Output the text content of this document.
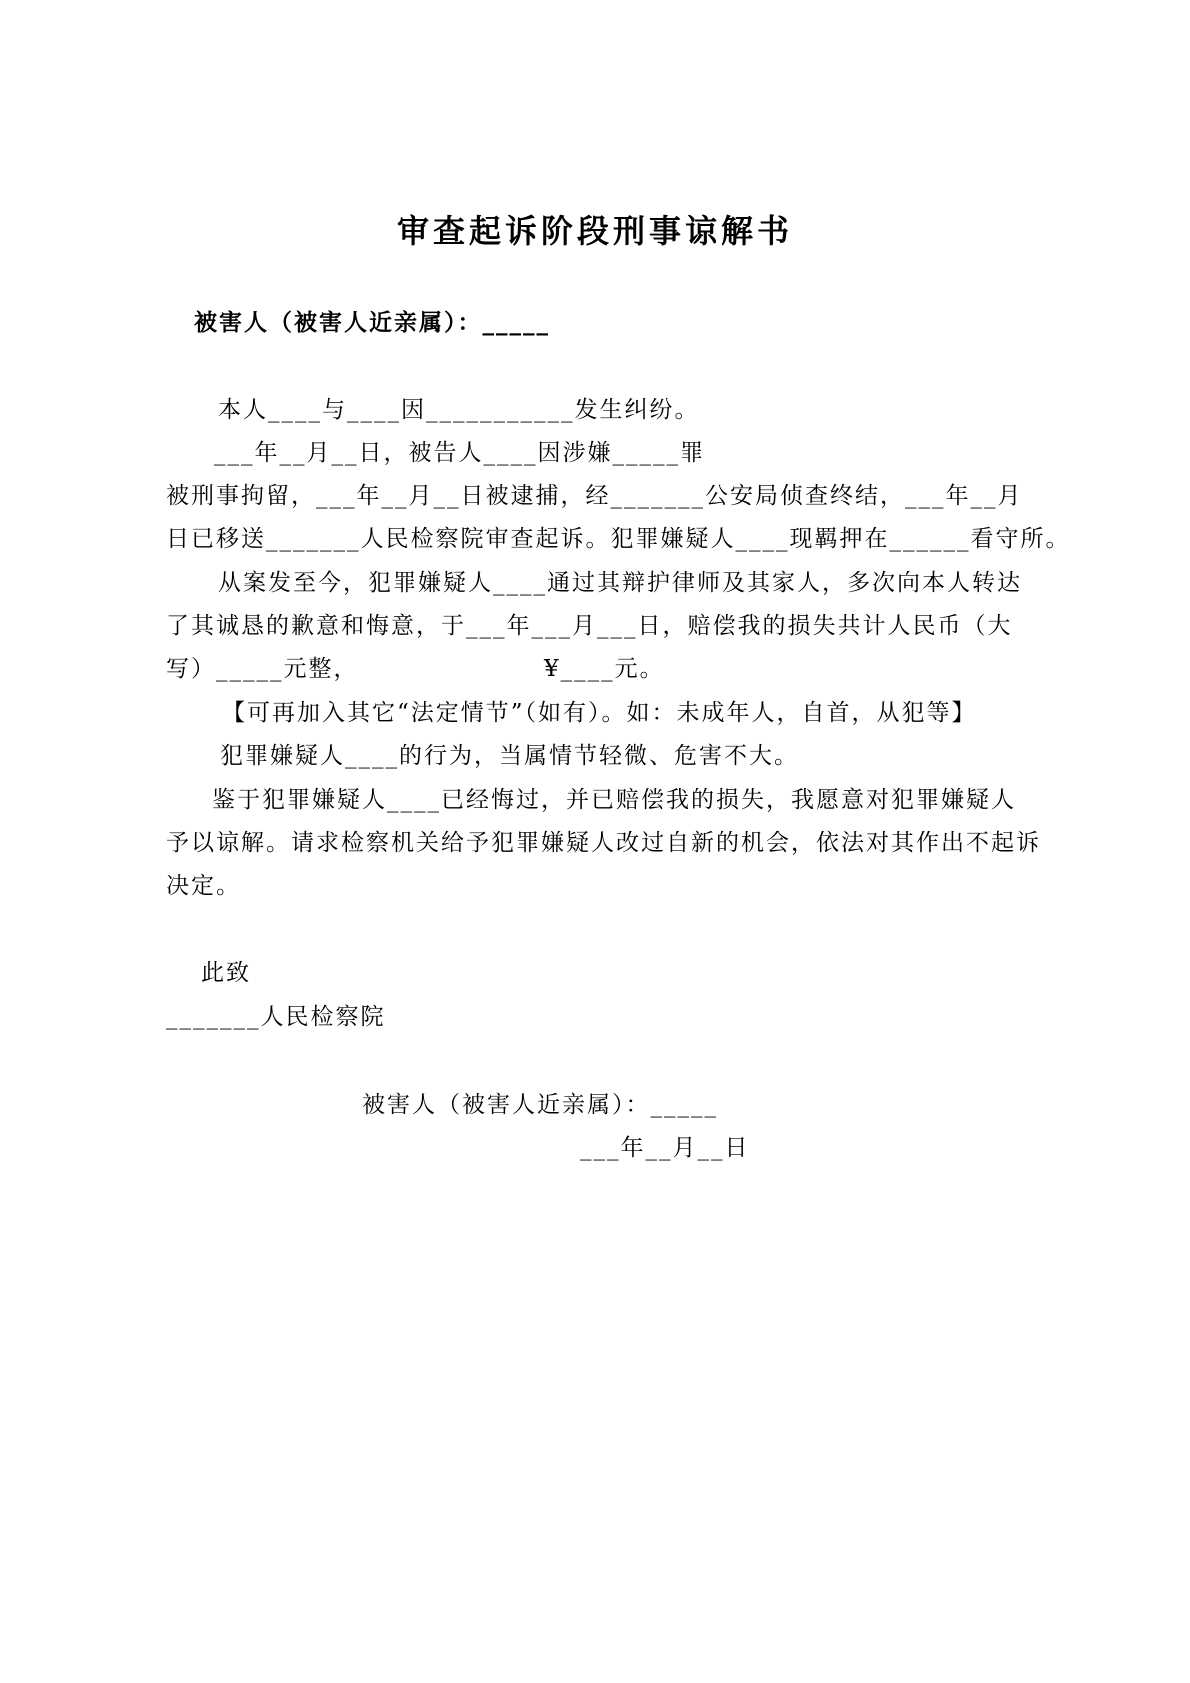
审查起诉阶段刑事谅解书
被害人（被害人近亲属）：_____
本人____与____因___________发生纠纷。
___年__月__日，被告人____因涉嫌_____罪
被刑事拘留，___年__月__日被逮捕，经_______公安局侦查终结，___年__月
日已移送_______人民检察院审查起诉。犯罪嫌疑人____现羁押在______看守所。
从案发至今，犯罪嫌疑人____通过其辩护律师及其家人，多次向本人转达
了其诚恳的歉意和悔意，于___年___月___日，赔偿我的损失共计人民币（大
写）_____元整，	¥____元。
【可再加入其它“法定情节”（如有）。如：未成年人，自首，从犯等】
犯罪嫌疑人____的行为，当属情节轻微、危害不大。
鉴于犯罪嫌疑人____已经悔过，并已赔偿我的损失，我愿意对犯罪嫌疑人
予以谅解。请求检察机关给予犯罪嫌疑人改过自新的机会，依法对其作出不起诉
决定。
此致
_______人民检察院
被害人（被害人近亲属）：_____
___年__月__日
